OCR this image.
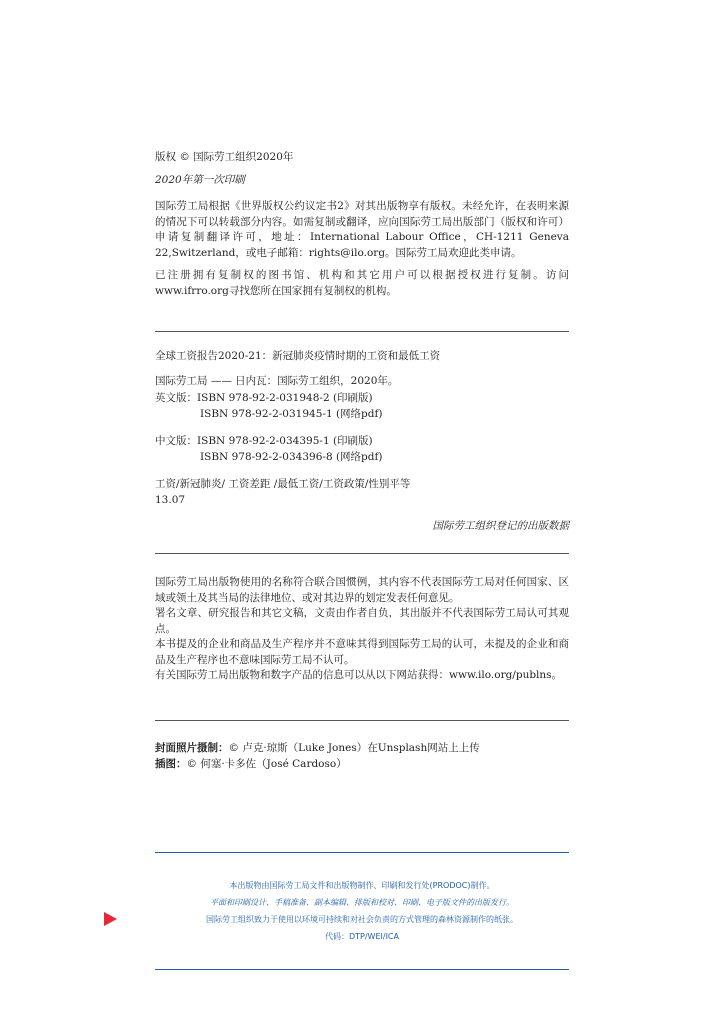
版权 © 国际劳工组织2020年

2020年第一次印刷

国际劳工局根据《世界版权公约议定书2》对其出版物享有版权。未经允许，在表明来源的情况下可以转载部分内容。如需复制或翻译，应向国际劳工局出版部门（版权和许可）申请复制翻译许可，地址：International Labour Office，CH-1211 Geneva 22,Switzerland，或电子邮箱：rights@ilo.org。国际劳工局欢迎此类申请。

已注册拥有复制权的图书馆、机构和其它用户可以根据授权进行复制。访问www.ifrro.org寻找您所在国家拥有复制权的机构。

全球工资报告2020-21：新冠肺炎疫情时期的工资和最低工资
国际劳工局 —— 日内瓦：国际劳工组织，2020年。
英文版：ISBN 978-92-2-031948-2 (印刷版)
ISBN 978-92-2-031945-1 (网络pdf)
中文版：ISBN 978-92-2-034395-1 (印刷版)
ISBN 978-92-2-034396-8 (网络pdf)
工资/新冠肺炎/ 工资差距 /最低工资/工资政策/性别平等
13.07
国际劳工组织登记的出版数据

国际劳工局出版物使用的名称符合联合国惯例，其内容不代表国际劳工局对任何国家、区域或领土及其当局的法律地位、或对其边界的划定发表任何意见。

署名文章、研究报告和其它文稿，文责由作者自负，其出版并不代表国际劳工局认可其观点。

本书提及的企业和商品及生产程序并不意味其得到国际劳工局的认可，未提及的企业和商品及生产程序也不意味国际劳工局不认可。

有关国际劳工局出版物和数字产品的信息可以从以下网站获得：www.ilo.org/publns。

封面照片摄制：© 卢克·琼斯（Luke Jones）在Unsplash网站上上传
插图：© 何塞·卡多佐（José Cardoso）
本出版物由国际劳工局文件和出版物制作、印刷和发行处(PRODOC)制作。
平面和印刷设计、手稿准备、副本编辑、排版和校对、印刷、电子版文件的出版发行。
国际劳工组织致力于使用以环境可持续和对社会负责的方式管理的森林资源制作的纸张。
代码：DTP/WEI/ICA
